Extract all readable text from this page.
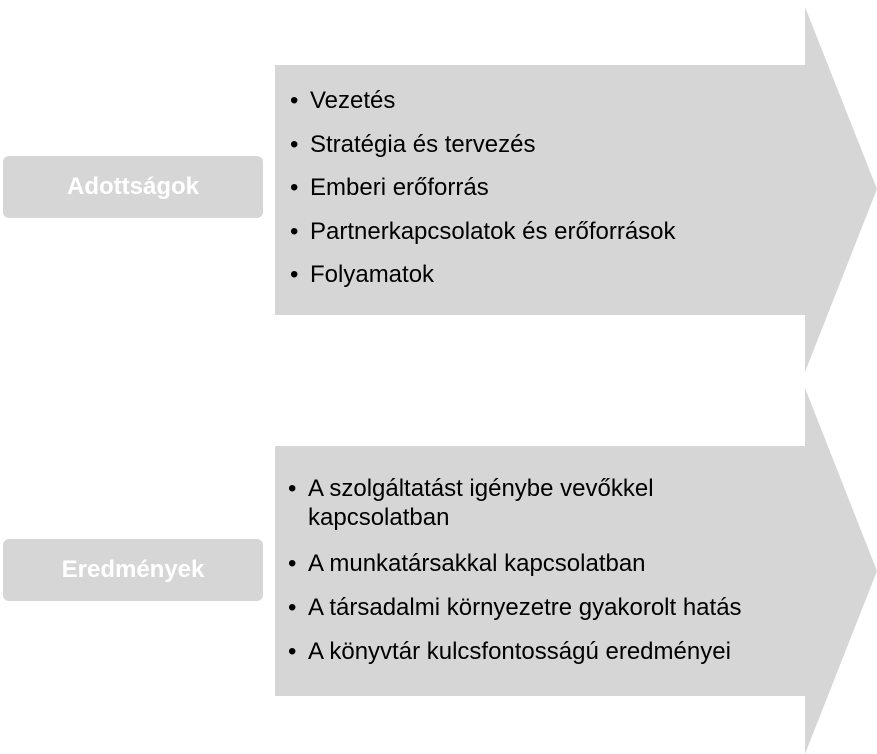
Adottságok
Eredmények
• Vezetés
• Stratégia és tervezés
• Emberi erőforrás
• Partnerkapcsolatok és erőforrások
• Folyamatok
• A szolgáltatást igénybe vevőkkel kapcsolatban
• A munkatársakkal kapcsolatban
• A társadalmi környezetre gyakorolt hatás
• A könyvtár kulcsfontosságú eredményei
